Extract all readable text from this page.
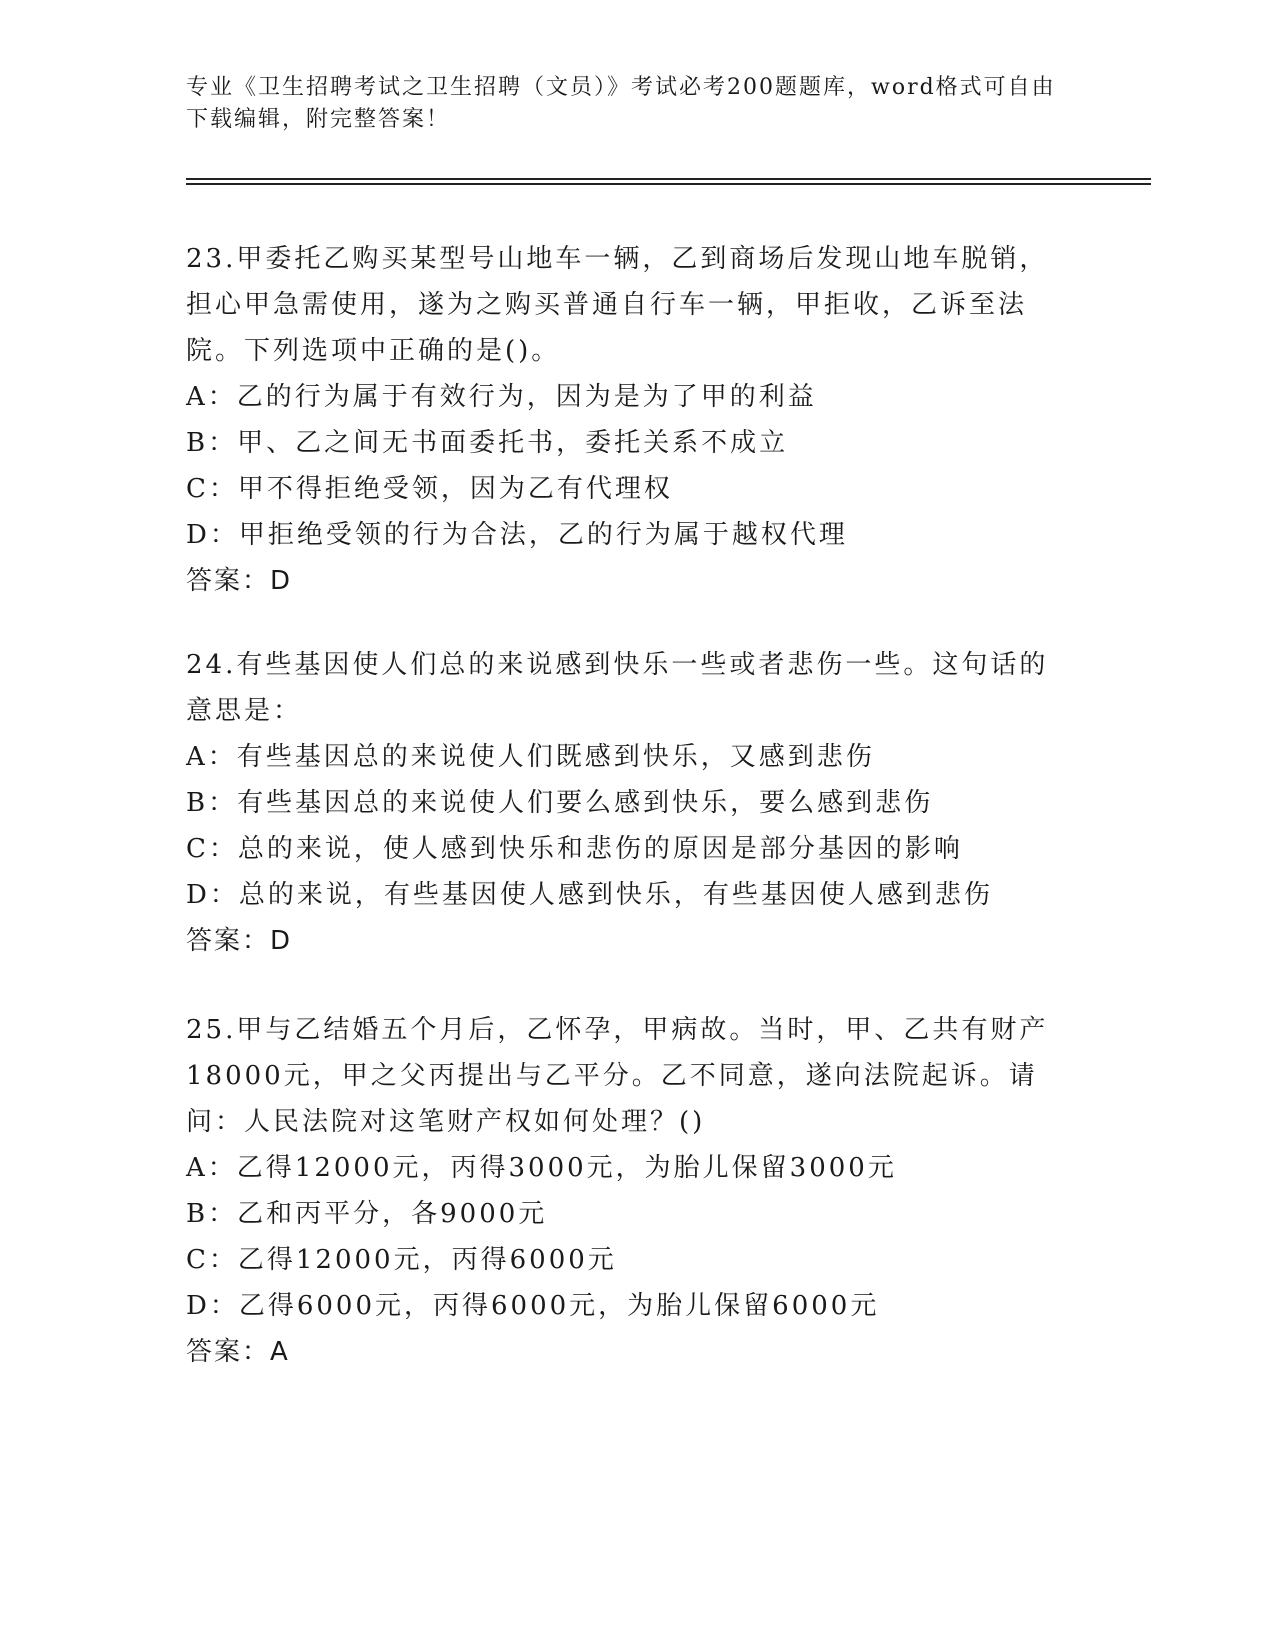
专业《卫生招聘考试之卫生招聘（文员）》考试必考200题题库，word格式可自由下载编辑，附完整答案！

23.甲委托乙购买某型号山地车一辆，乙到商场后发现山地车脱销，担心甲急需使用，遂为之购买普通自行车一辆，甲拒收，乙诉至法院。下列选项中正确的是()。

A：乙的行为属于有效行为，因为是为了甲的利益

B：甲、乙之间无书面委托书，委托关系不成立

C：甲不得拒绝受领，因为乙有代理权

D：甲拒绝受领的行为合法，乙的行为属于越权代理

答案：D

24.有些基因使人们总的来说感到快乐一些或者悲伤一些。这句话的意思是：

A：有些基因总的来说使人们既感到快乐，又感到悲伤

B：有些基因总的来说使人们要么感到快乐，要么感到悲伤

C：总的来说，使人感到快乐和悲伤的原因是部分基因的影响

D：总的来说，有些基因使人感到快乐，有些基因使人感到悲伤

答案：D

25.甲与乙结婚五个月后，乙怀孕，甲病故。当时，甲、乙共有财产18000元，甲之父丙提出与乙平分。乙不同意，遂向法院起诉。请问：人民法院对这笔财产权如何处理？()

A：乙得12000元，丙得3000元，为胎儿保留3000元

B：乙和丙平分，各9000元

C：乙得12000元，丙得6000元

D：乙得6000元，丙得6000元，为胎儿保留6000元

答案：A
